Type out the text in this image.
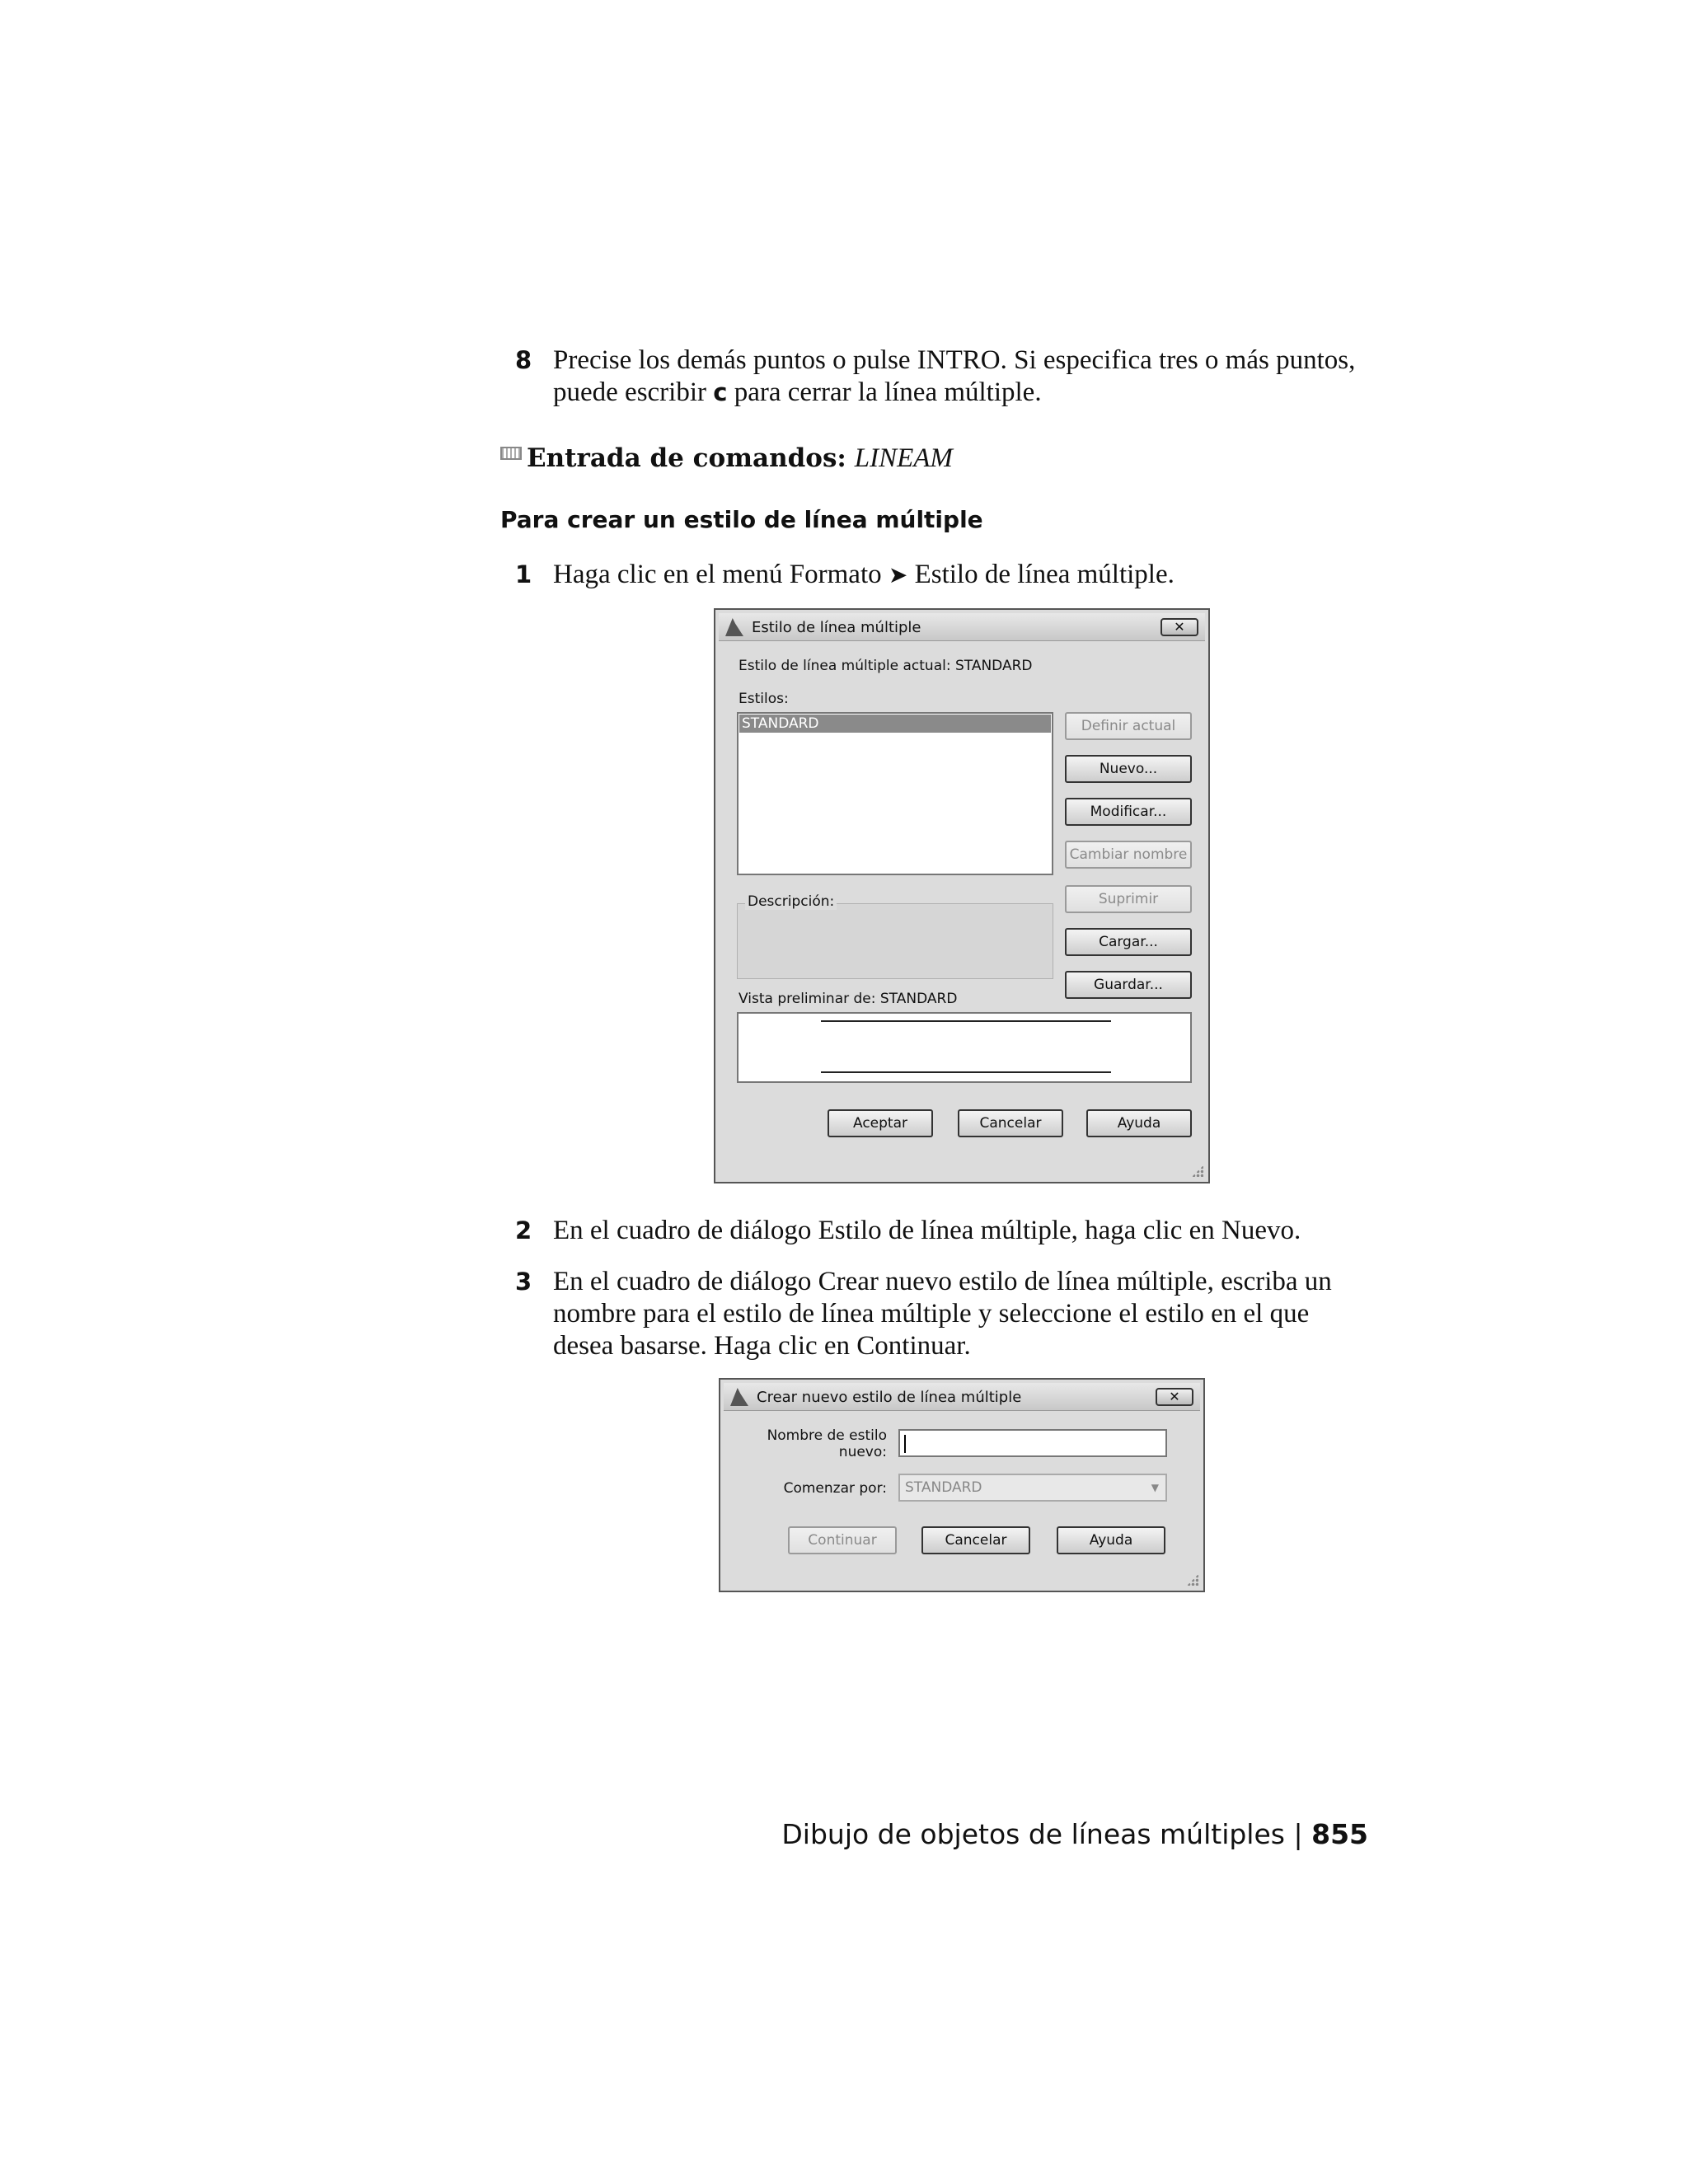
8 Precise los demás puntos o pulse INTRO. Si especifica tres o más puntos,
puede escribir c para cerrar la línea múltiple.
Entrada de comandos: LINEAM
Para crear un estilo de línea múltiple
1 Haga clic en el menú Formato ➤ Estilo de línea múltiple.
Estilo de línea múltiple	✕
Estilo de línea múltiple actual: STANDARD
Estilos:
STANDARD	Definir actual
Nuevo...
Modificar...
Cambiar nombre
Suprimir
Cargar...
Guardar...
Descripción:
Vista preliminar de: STANDARD
Aceptar	Cancelar	Ayuda
2 En el cuadro de diálogo Estilo de línea múltiple, haga clic en Nuevo.
3 En el cuadro de diálogo Crear nuevo estilo de línea múltiple, escriba un
nombre para el estilo de línea múltiple y seleccione el estilo en el que
desea basarse. Haga clic en Continuar.
Crear nuevo estilo de línea múltiple	✕
Nombre de estilo
nuevo:
Comenzar por:	STANDARD	▼
Continuar	Cancelar	Ayuda
Dibujo de objetos de líneas múltiples | 855
